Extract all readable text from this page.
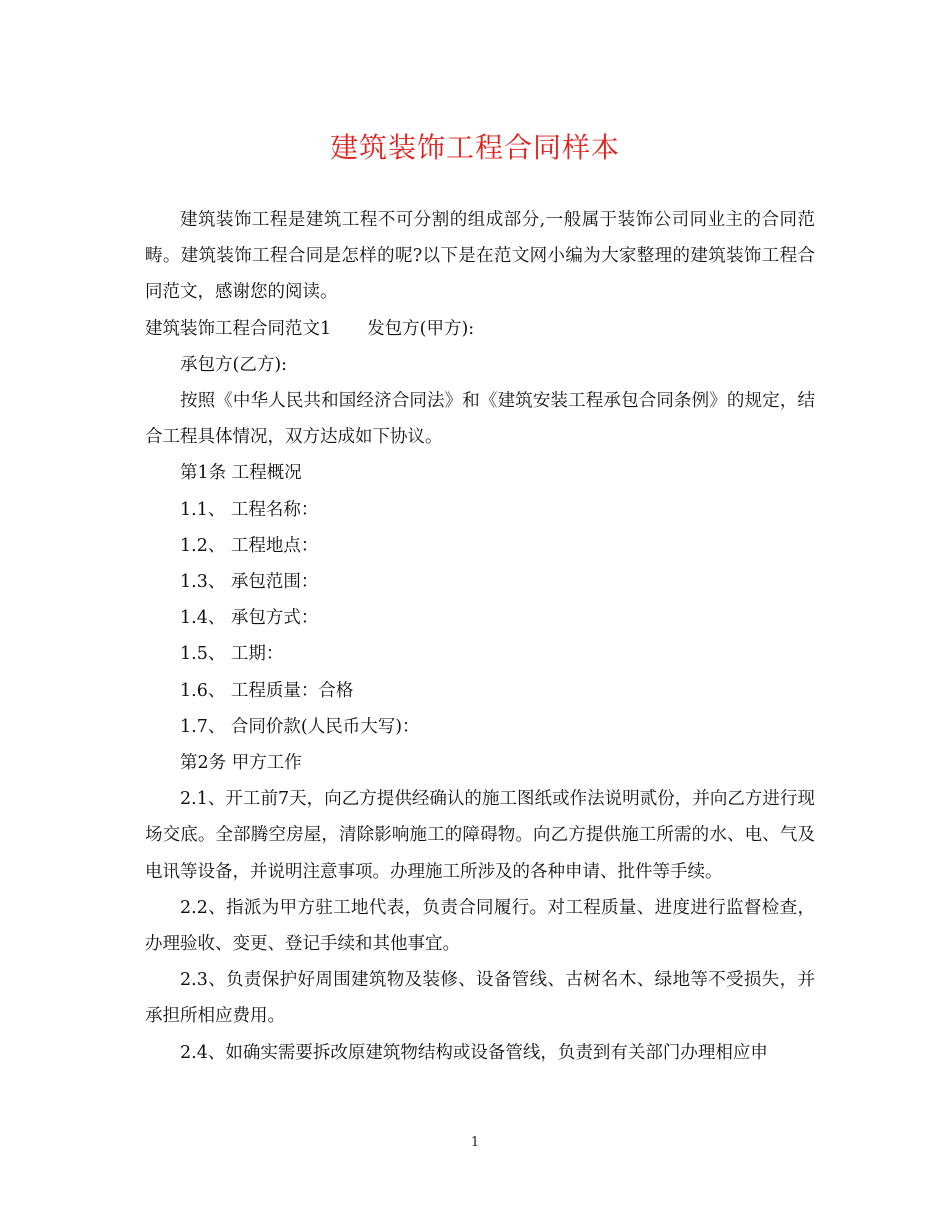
建筑装饰工程合同样本

建筑装饰工程是建筑工程不可分割的组成部分,一般属于装饰公司同业主的合同范畴。建筑装饰工程合同是怎样的呢?以下是在范文网小编为大家整理的建筑装饰工程合同范文，感谢您的阅读。

建筑装饰工程合同范文1 发包方(甲方):

承包方(乙方):

按照《中华人民共和国经济合同法》和《建筑安装工程承包合同条例》的规定，结合工程具体情况，双方达成如下协议。

第1条 工程概况

1.1、 工程名称：

1.2、 工程地点：

1.3、 承包范围：

1.4、 承包方式：

1.5、 工期：

1.6、 工程质量：合格

1.7、 合同价款(人民币大写)：

第2务 甲方工作

2.1、开工前7天，向乙方提供经确认的施工图纸或作法说明贰份，并向乙方进行现场交底。全部腾空房屋，清除影响施工的障碍物。向乙方提供施工所需的水、电、气及电讯等设备，并说明注意事项。办理施工所涉及的各种申请、批件等手续。

2.2、指派为甲方驻工地代表，负责合同履行。对工程质量、进度进行监督检查，办理验收、变更、登记手续和其他事宜。

2.3、负责保护好周围建筑物及装修、设备管线、古树名木、绿地等不受损失，并承担所相应费用。

2.4、如确实需要拆改原建筑物结构或设备管线，负责到有关部门办理相应申

1
